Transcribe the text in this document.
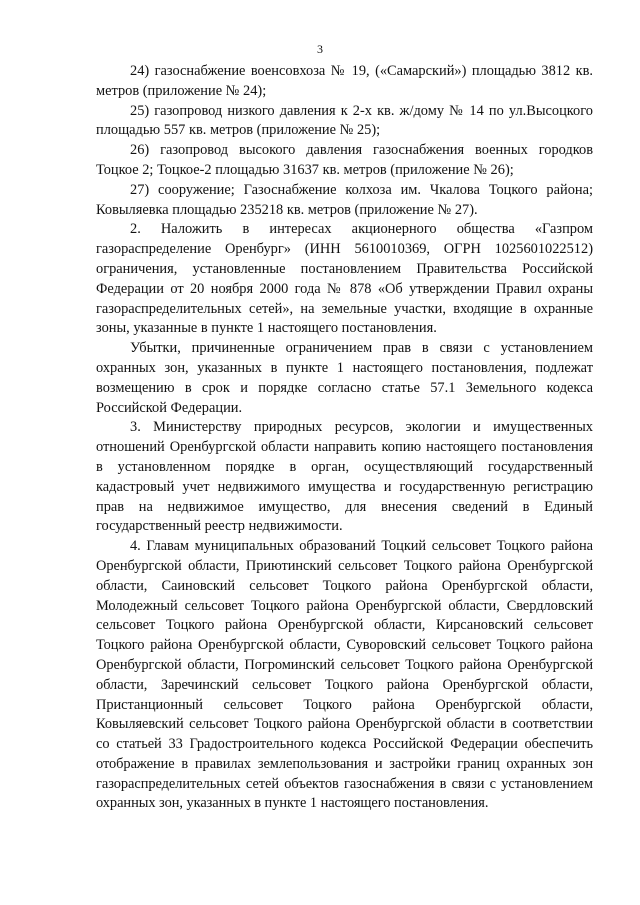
3

24) газоснабжение военсовхоза № 19, («Самарский») площадью 3812 кв. метров (приложение № 24);

25) газопровод низкого давления к 2-х кв. ж/дому № 14 по ул.Высоцкого площадью 557 кв. метров (приложение № 25);

26) газопровод высокого давления газоснабжения военных городков Тоцкое 2; Тоцкое-2 площадью 31637 кв. метров (приложение № 26);

27) сооружение; Газоснабжение колхоза им. Чкалова Тоцкого района; Ковыляевка площадью 235218 кв. метров (приложение № 27).

2. Наложить в интересах акционерного общества «Газпром газораспределение Оренбург» (ИНН 5610010369, ОГРН 1025601022512) ограничения, установленные постановлением Правительства Российской Федерации от 20 ноября 2000 года № 878 «Об утверждении Правил охраны газораспределительных сетей», на земельные участки, входящие в охранные зоны, указанные в пункте 1 настоящего постановления.

Убытки, причиненные ограничением прав в связи с установлением охранных зон, указанных в пункте 1 настоящего постановления, подлежат возмещению в срок и порядке согласно статье 57.1 Земельного кодекса Российской Федерации.

3. Министерству природных ресурсов, экологии и имущественных отношений Оренбургской области направить копию настоящего постановления в установленном порядке в орган, осуществляющий государственный кадастровый учет недвижимого имущества и государственную регистрацию прав на недвижимое имущество, для внесения сведений в Единый государственный реестр недвижимости.

4. Главам муниципальных образований Тоцкий сельсовет Тоцкого района Оренбургской области, Приютинский сельсовет Тоцкого района Оренбургской области, Саиновский сельсовет Тоцкого района Оренбургской области, Молодежный сельсовет Тоцкого района Оренбургской области, Свердловский сельсовет Тоцкого района Оренбургской области, Кирсановский сельсовет Тоцкого района Оренбургской области, Суворовский сельсовет Тоцкого района Оренбургской области, Погроминский сельсовет Тоцкого района Оренбургской области, Заречинский сельсовет Тоцкого района Оренбургской области, Пристанционный сельсовет Тоцкого района Оренбургской области, Ковыляевский сельсовет Тоцкого района Оренбургской области в соответствии со статьей 33 Градостроительного кодекса Российской Федерации обеспечить отображение в правилах землепользования и застройки границ охранных зон газораспределительных сетей объектов газоснабжения в связи с установлением охранных зон, указанных в пункте 1 настоящего постановления.
